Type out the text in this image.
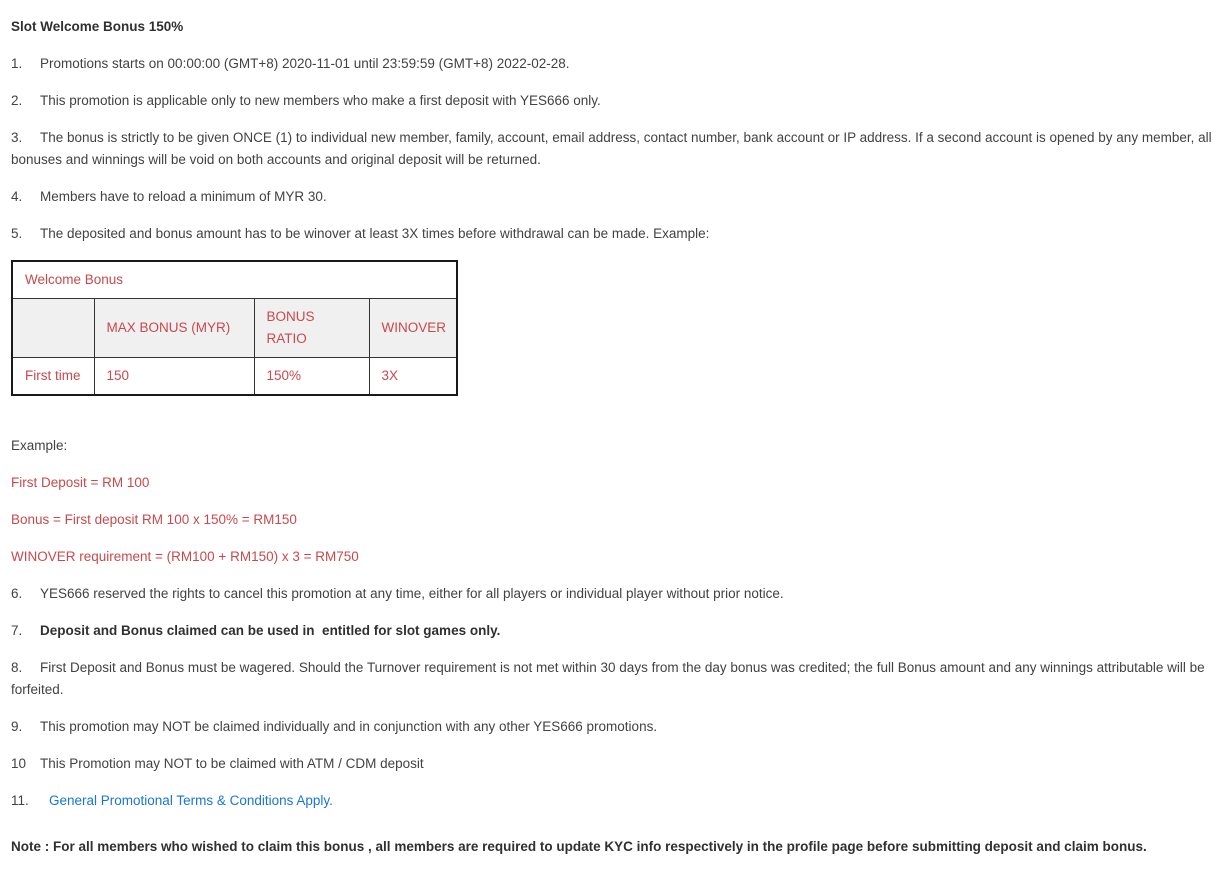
Slot Welcome Bonus 150%

1. Promotions starts on 00:00:00 (GMT+8) 2020-11-01 until 23:59:59 (GMT+8) 2022-02-28.

2. This promotion is applicable only to new members who make a first deposit with YES666 only.

3. The bonus is strictly to be given ONCE (1) to individual new member, family, account, email address, contact number, bank account or IP address. If a second account is opened by any member, all bonuses and winnings will be void on both accounts and original deposit will be returned.

4. Members have to reload a minimum of MYR 30.

5. The deposited and bonus amount has to be winover at least 3X times before withdrawal can be made. Example:

Welcome Bonus			
	MAX BONUS (MYR)	BONUS RATIO	WINOVER
First time	150	150%	3X

Example:

First Deposit = RM 100

Bonus = First deposit RM 100 x 150% = RM150

WINOVER requirement = (RM100 + RM150) x 3 = RM750

6. YES666 reserved the rights to cancel this promotion at any time, either for all players or individual player without prior notice.

7. Deposit and Bonus claimed can be used in  entitled for slot games only.

8. First Deposit and Bonus must be wagered. Should the Turnover requirement is not met within 30 days from the day bonus was credited; the full Bonus amount and any winnings attributable will be forfeited.

9. This promotion may NOT be claimed individually and in conjunction with any other YES666 promotions.

10 This Promotion may NOT to be claimed with ATM / CDM deposit

11. General Promotional Terms & Conditions Apply.

Note : For all members who wished to claim this bonus , all members are required to update KYC info respectively in the profile page before submitting deposit and claim bonus.
